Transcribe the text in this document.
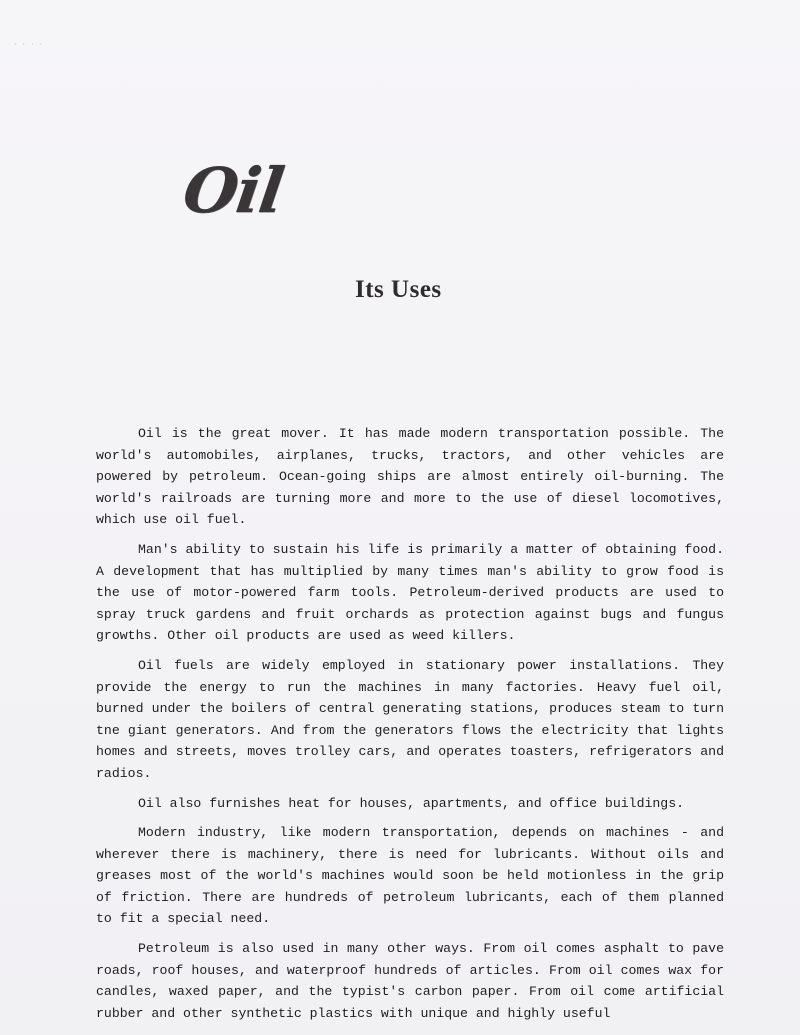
····
Oil
Its Uses

Oil is the great mover. It has made modern transportation possible. The world's automobiles, airplanes, trucks, tractors, and other vehicles are powered by petroleum. Ocean-going ships are almost entirely oil-burning. The world's railroads are turning more and more to the use of diesel locomotives, which use oil fuel.

Man's ability to sustain his life is primarily a matter of obtaining food. A development that has multiplied by many times man's ability to grow food is the use of motor-powered farm tools. Petroleum-derived products are used to spray truck gardens and fruit orchards as protection against bugs and fungus growths. Other oil products are used as weed killers.

Oil fuels are widely employed in stationary power installations. They provide the energy to run the machines in many factories. Heavy fuel oil, burned under the boilers of central generating stations, produces steam to turn tne giant generators. And from the generators flows the electricity that lights homes and streets, moves trolley cars, and operates toasters, refrigerators and radios.

Oil also furnishes heat for houses, apartments, and office buildings.

Modern industry, like modern transportation, depends on machines - and wherever there is machinery, there is need for lubricants. Without oils and greases most of the world's machines would soon be held motionless in the grip of friction. There are hundreds of petroleum lubricants, each of them planned to fit a special need.

Petroleum is also used in many other ways. From oil comes asphalt to pave roads, roof houses, and waterproof hundreds of articles. From oil comes wax for candles, waxed paper, and the typist's carbon paper. From oil come artificial rubber and other synthetic plastics with unique and highly useful
